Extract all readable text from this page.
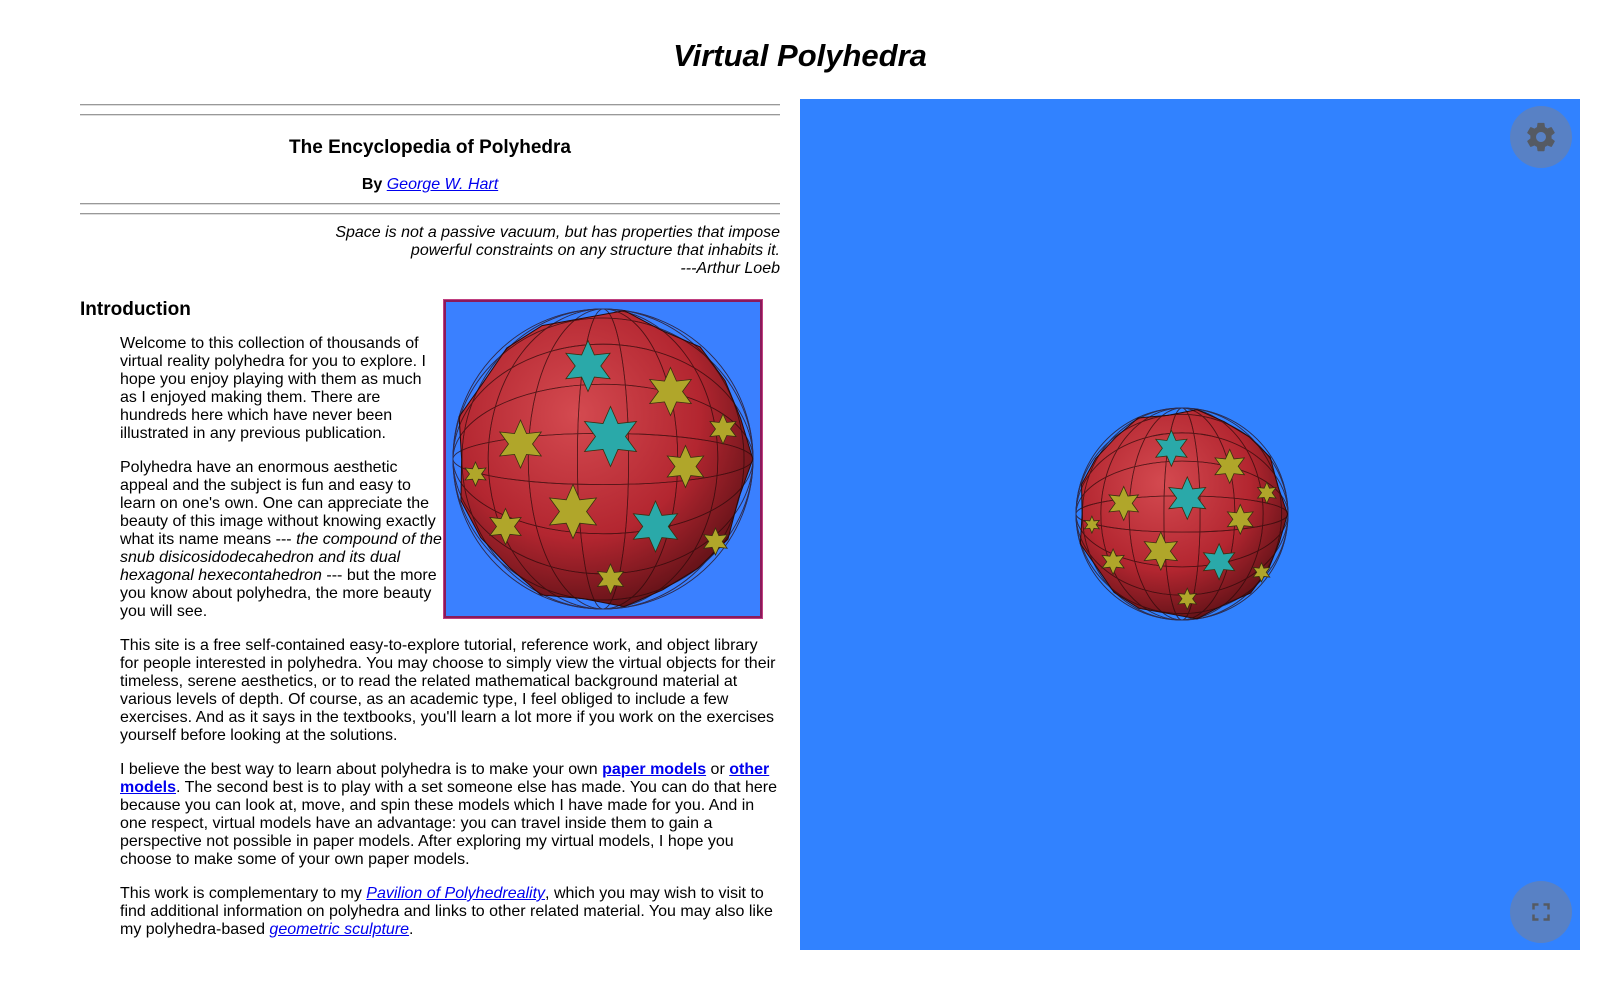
Virtual Polyhedra
The Encyclopedia of Polyhedra

By George W. Hart

Space is not a passive vacuum, but has properties that impose
powerful constraints on any structure that inhabits it.
---Arthur Loeb
Introduction

Welcome to this collection of thousands of virtual reality polyhedra for you to explore. I hope you enjoy playing with them as much as I enjoyed making them. There are hundreds here which have never been illustrated in any previous publication.

Polyhedra have an enormous aesthetic appeal and the subject is fun and easy to learn on one's own. One can appreciate the beauty of this image without knowing exactly what its name means --- the compound of the snub disicosidodecahedron and its dual hexagonal hexecontahedron --- but the more you know about polyhedra, the more beauty you will see.

This site is a free self-contained easy-to-explore tutorial, reference work, and object library for people interested in polyhedra. You may choose to simply view the virtual objects for their timeless, serene aesthetics, or to read the related mathematical background material at various levels of depth. Of course, as an academic type, I feel obliged to include a few exercises. And as it says in the textbooks, you'll learn a lot more if you work on the exercises yourself before looking at the solutions.

I believe the best way to learn about polyhedra is to make your own paper models or other models. The second best is to play with a set someone else has made. You can do that here because you can look at, move, and spin these models which I have made for you. And in one respect, virtual models have an advantage: you can travel inside them to gain a perspective not possible in paper models. After exploring my virtual models, I hope you choose to make some of your own paper models.

This work is complementary to my Pavilion of Polyhedreality, which you may wish to visit to find additional information on polyhedra and links to other related material. You may also like my polyhedra-based geometric sculpture.
